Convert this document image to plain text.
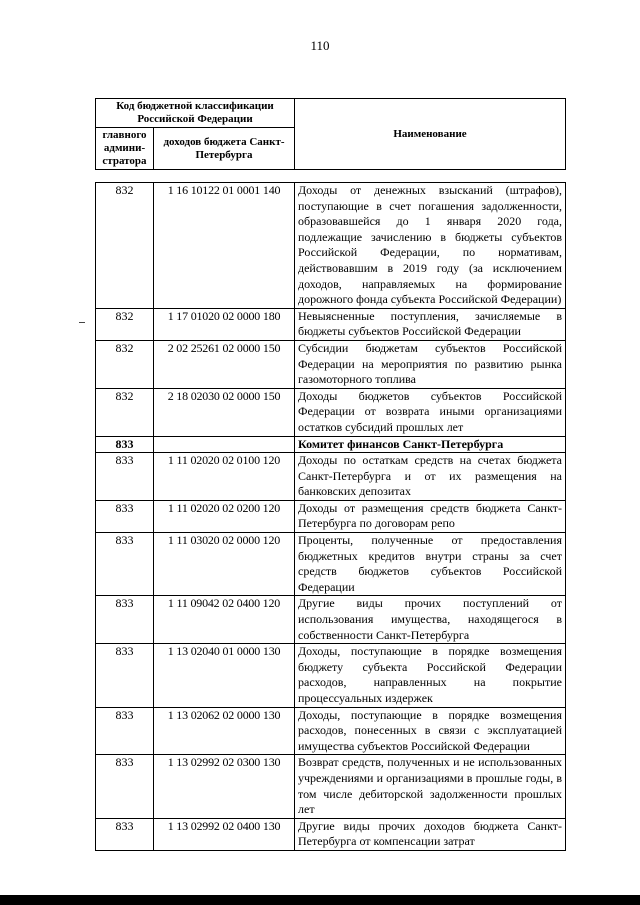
110
Код бюджетной классификации Российской Федерации		Наименование
главного админи-стратора	доходов бюджета Санкт-Петербурга	
832	1 16 10122 01 0001 140	Доходы от денежных взысканий (штрафов), поступающие в счет погашения задолженности, образовавшейся до 1 января 2020 года, подлежащие зачислению в бюджеты субъектов Российской Федерации, по нормативам, действовавшим в 2019 году (за исключением доходов, направляемых на формирование дорожного фонда субъекта Российской Федерации)
832	1 17 01020 02 0000 180	Невыясненные поступления, зачисляемые в бюджеты субъектов Российской Федерации
832	2 02 25261 02 0000 150	Субсидии бюджетам субъектов Российской Федерации на мероприятия по развитию рынка газомоторного топлива
832	2 18 02030 02 0000 150	Доходы бюджетов субъектов Российской Федерации от возврата иными организациями остатков субсидий прошлых лет
833		Комитет финансов Санкт-Петербурга
833	1 11 02020 02 0100 120	Доходы по остаткам средств на счетах бюджета Санкт-Петербурга и от их размещения на банковских депозитах
833	1 11 02020 02 0200 120	Доходы от размещения средств бюджета Санкт-Петербурга по договорам репо
833	1 11 03020 02 0000 120	Проценты, полученные от предоставления бюджетных кредитов внутри страны за счет средств бюджетов субъектов Российской Федерации
833	1 11 09042 02 0400 120	Другие виды прочих поступлений от использования имущества, находящегося в собственности Санкт-Петербурга
833	1 13 02040 01 0000 130	Доходы, поступающие в порядке возмещения бюджету субъекта Российской Федерации расходов, направленных на покрытие процессуальных издержек
833	1 13 02062 02 0000 130	Доходы, поступающие в порядке возмещения расходов, понесенных в связи с эксплуатацией имущества субъектов Российской Федерации
833	1 13 02992 02 0300 130	Возврат средств, полученных и не использованных учреждениями и организациями в прошлые годы, в том числе дебиторской задолженности прошлых лет
833	1 13 02992 02 0400 130	Другие виды прочих доходов бюджета Санкт-Петербурга от компенсации затрат
